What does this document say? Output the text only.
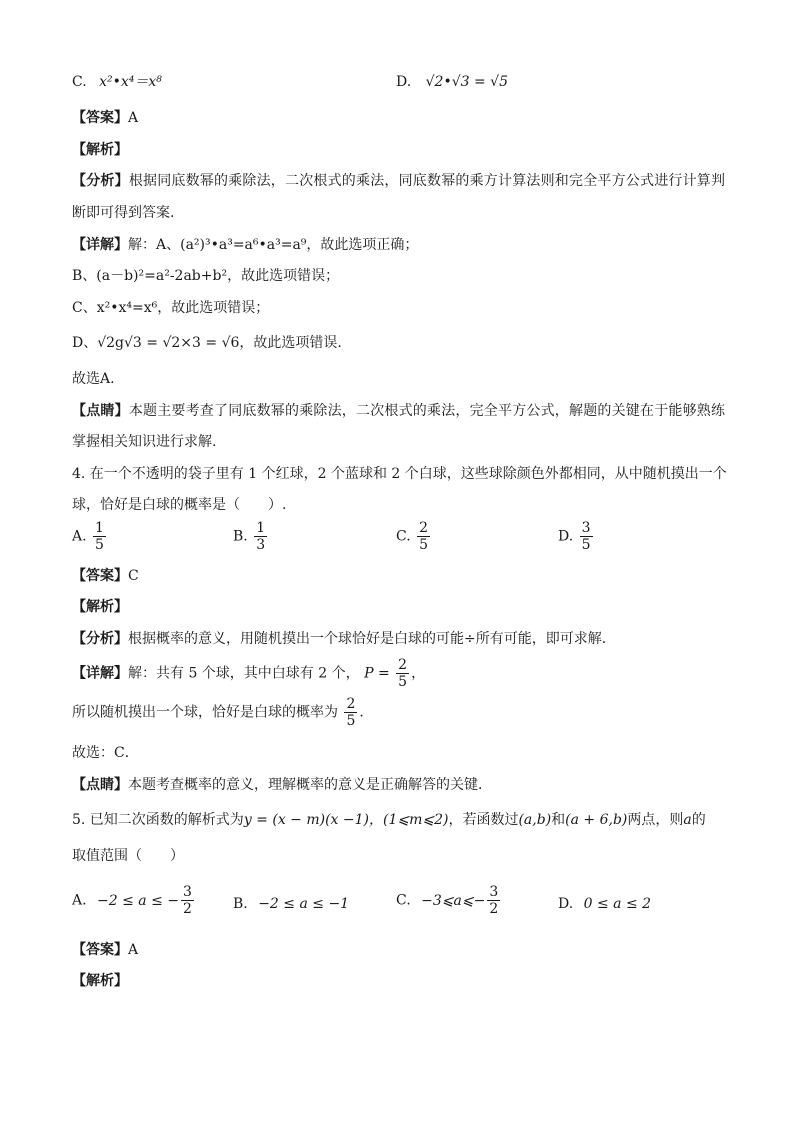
C. x²•x⁴＝x⁸	D. √2•√3 = √5
【答案】A
【解析】
【分析】根据同底数幂的乘除法，二次根式的乘法，同底数幂的乘方计算法则和完全平方公式进行计算判
断即可得到答案.
【详解】解：A、(a²)³•a³=a⁶•a³=a⁹，故此选项正确；
B、(a－b)²=a²-2ab+b²，故此选项错误；
C、x²•x⁴=x⁶，故此选项错误；
D、√2g√3 = √2×3 = √6，故此选项错误.
故选A.
【点睛】本题主要考查了同底数幂的乘除法，二次根式的乘法，完全平方公式，解题的关键在于能够熟练
掌握相关知识进行求解.
4. 在一个不透明的袋子里有 1 个红球，2 个蓝球和 2 个白球，这些球除颜色外都相同，从中随机摸出一个
球，恰好是白球的概率是（　　）.
A. $\frac{1}{5}$	B. $\frac{1}{3}$	C. $\frac{2}{5}$	D. $\frac{3}{5}$
【答案】C
【解析】
【分析】根据概率的意义，用随机摸出一个球恰好是白球的可能÷所有可能，即可求解．
【详解】解：共有 5 个球，其中白球有 2 个， $P = \frac{2}{5}$ ，
所以随机摸出一个球，恰好是白球的概率为 $\frac{2}{5}$ ．
故选：C．
【点睛】本题考查概率的意义，理解概率的意义是正确解答的关键．
5. 已知二次函数的解析式为y = (x − m)(x −1)，(1⩽m⩽2)，若函数过(a,b)和(a + 6,b)两点，则a的
取值范围（　　）
A. −2 ≤ a ≤ − $\frac{3}{2}$	B. −2 ≤ a ≤ −1	C. −3⩽a⩽− $\frac{3}{2}$	D. 0 ≤ a ≤ 2
【答案】A
【解析】
